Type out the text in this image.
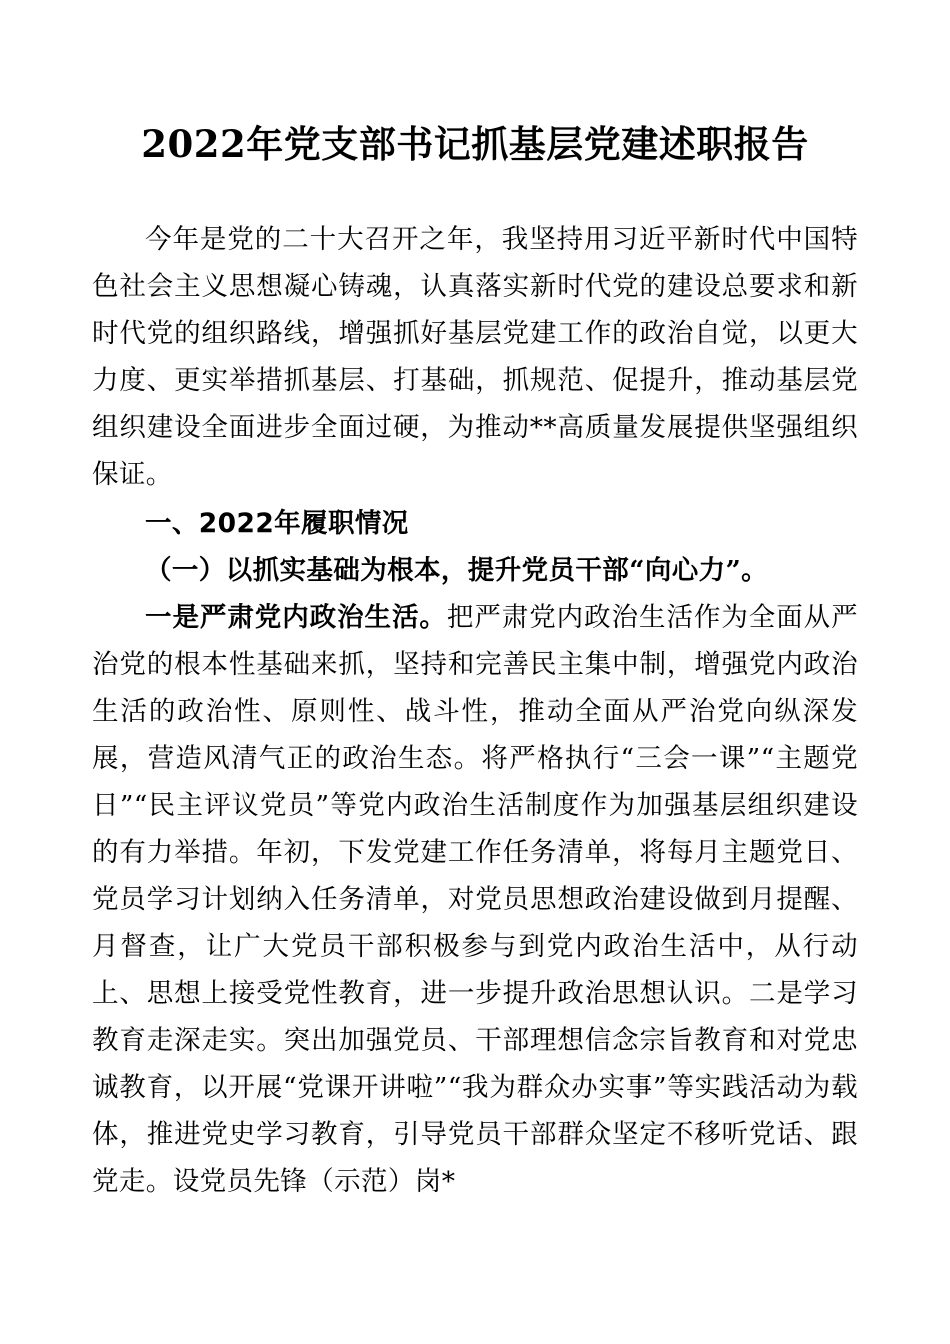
2022年党支部书记抓基层党建述职报告

今年是党的二十大召开之年，我坚持用习近平新时代中国特色社会主义思想凝心铸魂，认真落实新时代党的建设总要求和新时代党的组织路线，增强抓好基层党建工作的政治自觉，以更大力度、更实举措抓基层、打基础，抓规范、促提升，推动基层党组织建设全面进步全面过硬，为推动**高质量发展提供坚强组织保证。

一、2022年履职情况

（一）以抓实基础为根本，提升党员干部“向心力”。

一是严肃党内政治生活。把严肃党内政治生活作为全面从严治党的根本性基础来抓，坚持和完善民主集中制，增强党内政治生活的政治性、原则性、战斗性，推动全面从严治党向纵深发展，营造风清气正的政治生态。将严格执行“三会一课”“主题党日”“民主评议党员”等党内政治生活制度作为加强基层组织建设的有力举措。年初，下发党建工作任务清单，将每月主题党日、党员学习计划纳入任务清单，对党员思想政治建设做到月提醒、月督查，让广大党员干部积极参与到党内政治生活中，从行动上、思想上接受党性教育，进一步提升政治思想认识。二是学习教育走深走实。突出加强党员、干部理想信念宗旨教育和对党忠诚教育，以开展“党课开讲啦”“我为群众办实事”等实践活动为载体，推进党史学习教育，引导党员干部群众坚定不移听党话、跟党走。设党员先锋（示范）岗*
